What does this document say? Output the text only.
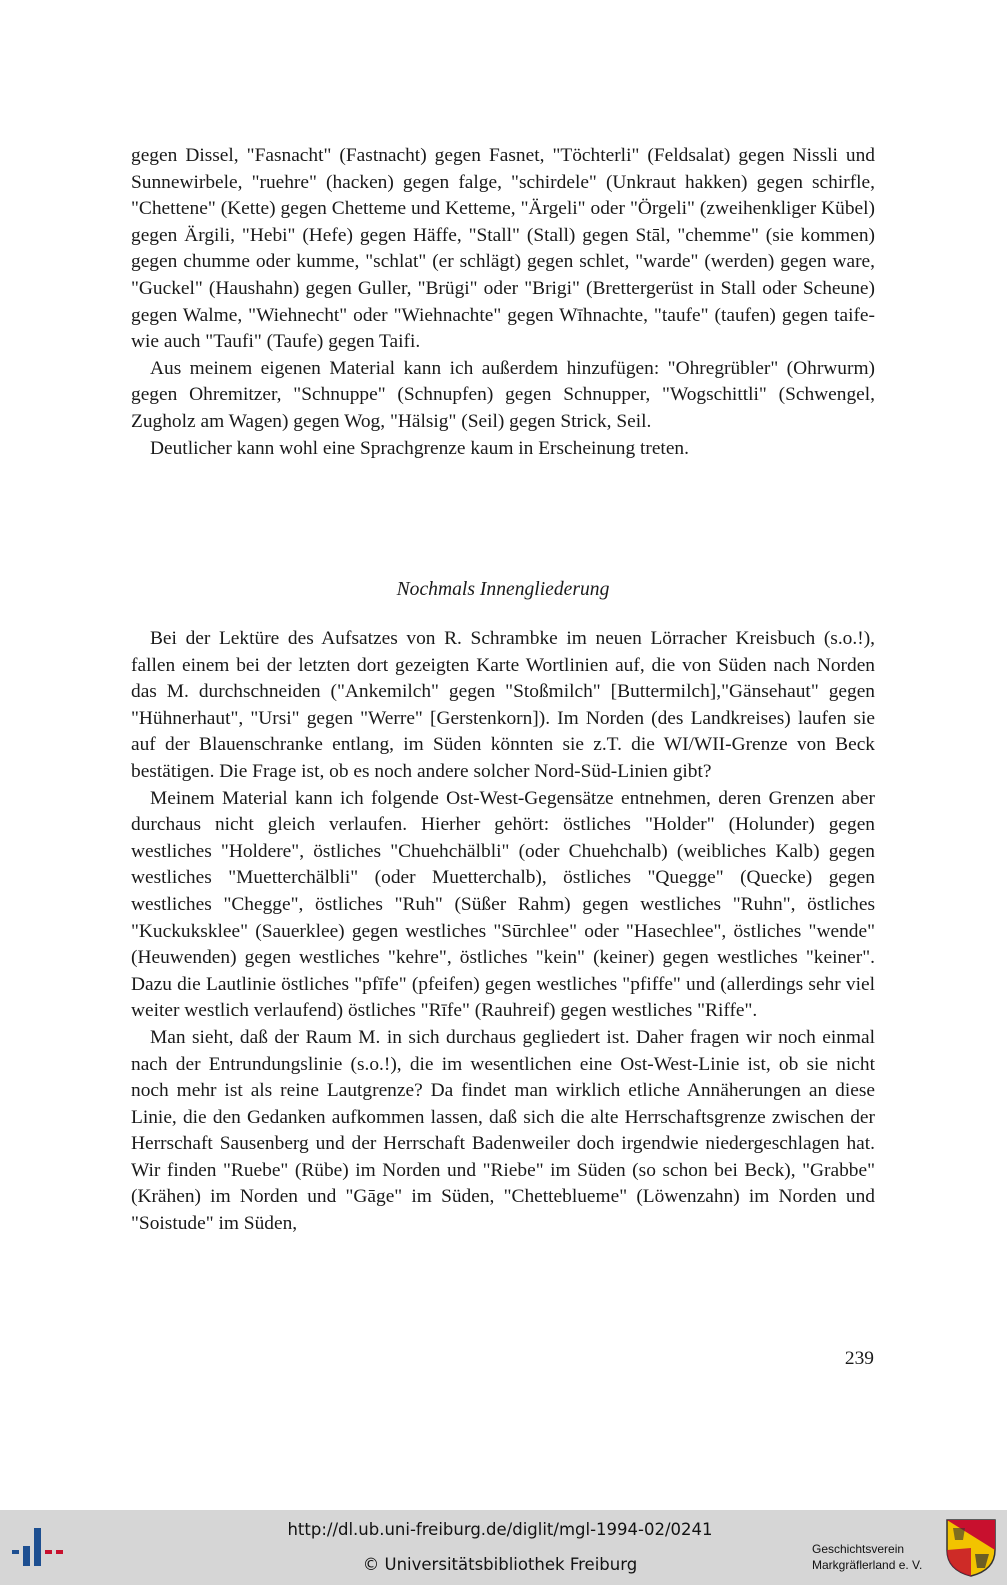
gegen Dissel, "Fasnacht" (Fastnacht) gegen Fasnet, "Töchterli" (Feldsalat) gegen Nissli und Sunnewirbele, "ruehre" (hacken) gegen falge, "schirdele" (Unkraut hakken) gegen schirfle, "Chettene" (Kette) gegen Chetteme und Ketteme, "Ärgeli" oder "Örgeli" (zweihenkliger Kübel) gegen Ärgili, "Hebi" (Hefe) gegen Häffe, "Stall" (Stall) gegen Stāl, "chemme" (sie kommen) gegen chumme oder kumme, "schlat" (er schlägt) gegen schlet, "warde" (werden) gegen ware, "Guckel" (Haushahn) gegen Guller, "Brügi" oder "Brigi" (Brettergerüst in Stall oder Scheune) gegen Walme, "Wiehnecht" oder "Wiehnachte" gegen Wīhnachte, "taufe" (taufen) gegen taife- wie auch "Taufi" (Taufe) gegen Taifi.

Aus meinem eigenen Material kann ich außerdem hinzufügen: "Ohregrübler" (Ohrwurm) gegen Ohremitzer, "Schnuppe" (Schnupfen) gegen Schnupper, "Wogschittli" (Schwengel, Zugholz am Wagen) gegen Wog, "Hälsig" (Seil) gegen Strick, Seil.

Deutlicher kann wohl eine Sprachgrenze kaum in Erscheinung treten.

Nochmals Innengliederung

Bei der Lektüre des Aufsatzes von R. Schrambke im neuen Lörracher Kreisbuch (s.o.!), fallen einem bei der letzten dort gezeigten Karte Wortlinien auf, die von Süden nach Norden das M. durchschneiden ("Ankemilch" gegen "Stoßmilch" [Buttermilch],"Gänsehaut" gegen "Hühnerhaut", "Ursi" gegen "Werre" [Gerstenkorn]). Im Norden (des Landkreises) laufen sie auf der Blauenschranke entlang, im Süden könnten sie z.T. die WI/WII-Grenze von Beck bestätigen. Die Frage ist, ob es noch andere solcher Nord-Süd-Linien gibt?

Meinem Material kann ich folgende Ost-West-Gegensätze entnehmen, deren Grenzen aber durchaus nicht gleich verlaufen. Hierher gehört: östliches "Holder" (Holunder) gegen westliches "Holdere", östliches "Chuehchälbli" (oder Chuehchalb) (weibliches Kalb) gegen westliches "Muetterchälbli" (oder Muetterchalb), östliches "Quegge" (Quecke) gegen westliches "Chegge", östliches "Ruh" (Süßer Rahm) gegen westliches "Ruhn", östliches "Kuckuksklee" (Sauerklee) gegen westliches "Sūrchlee" oder "Hasechlee", östliches "wende" (Heuwenden) gegen westliches "kehre", östliches "kein" (keiner) gegen westliches "keiner". Dazu die Lautlinie östliches "pfīfe" (pfeifen) gegen westliches "pfiffe" und (allerdings sehr viel weiter westlich verlaufend) östliches "Rīfe" (Rauhreif) gegen westliches "Riffe".

Man sieht, daß der Raum M. in sich durchaus gegliedert ist. Daher fragen wir noch einmal nach der Entrundungslinie (s.o.!), die im wesentlichen eine Ost-West-Linie ist, ob sie nicht noch mehr ist als reine Lautgrenze? Da findet man wirklich etliche Annäherungen an diese Linie, die den Gedanken aufkommen lassen, daß sich die alte Herrschaftsgrenze zwischen der Herrschaft Sausenberg und der Herrschaft Badenweiler doch irgendwie niedergeschlagen hat. Wir finden "Ruebe" (Rübe) im Norden und "Riebe" im Süden (so schon bei Beck), "Grabbe" (Krähen) im Norden und "Gāge" im Süden, "Chetteblueme" (Löwenzahn) im Norden und "Soistude" im Süden,

239
http://dl.ub.uni-freiburg.de/diglit/mgl-1994-02/0241
© Universitätsbibliothek Freiburg
Geschichtsverein
Markgräflerland e. V.
